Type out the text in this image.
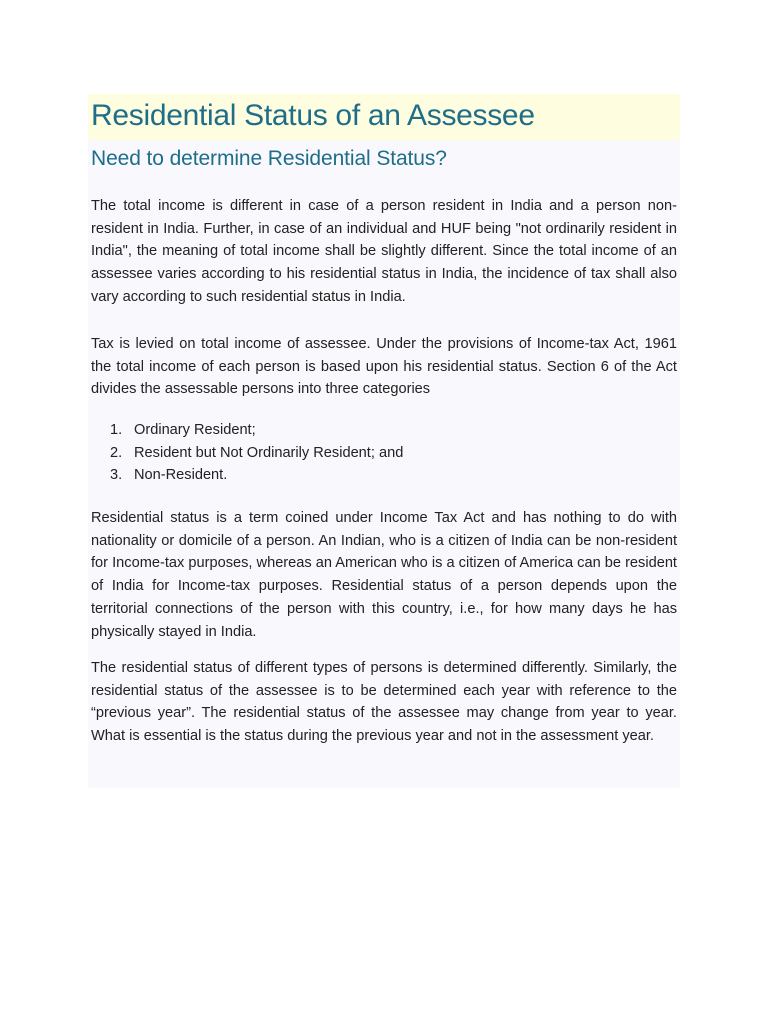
Residential Status of an Assessee
Need to determine Residential Status?

The total income is different in case of a person resident in India and a person non-resident in India. Further, in case of an individual and HUF being "not ordinarily resident in India", the meaning of total income shall be slightly different. Since the total income of an assessee varies according to his residential status in India, the incidence of tax shall also vary according to such residential status in India.

Tax is levied on total income of assessee. Under the provisions of Income-tax Act, 1961 the total income of each person is based upon his residential status. Section 6 of the Act divides the assessable persons into three categories

1. Ordinary Resident;
2. Resident but Not Ordinarily Resident; and
3. Non-Resident.

Residential status is a term coined under Income Tax Act and has nothing to do with nationality or domicile of a person. An Indian, who is a citizen of India can be non-resident for Income-tax purposes, whereas an American who is a citizen of America can be resident of India for Income-tax purposes. Residential status of a person depends upon the territorial connections of the person with this country, i.e., for how many days he has physically stayed in India.

The residential status of different types of persons is determined differently. Similarly, the residential status of the assessee is to be determined each year with reference to the “previous year”. The residential status of the assessee may change from year to year. What is essential is the status during the previous year and not in the assessment year.
